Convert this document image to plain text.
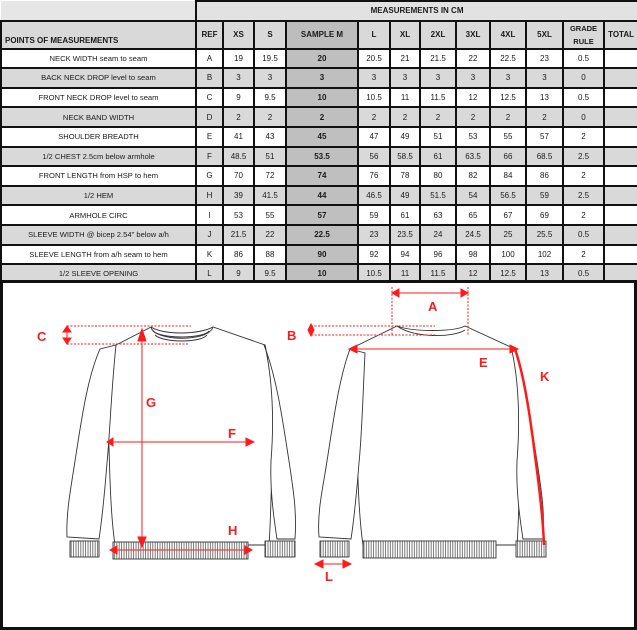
	MEASUREMENTS IN CM											
POINTS OF MEASUREMENTS	REF	XS	S	SAMPLE M	L	XL	2XL	3XL	4XL	5XL	GRADE RULE	TOTAL
NECK WIDTH seam to seam	A	19	19.5	20	20.5	21	21.5	22	22.5	23	0.5	
BACK NECK DROP level to seam	B	3	3	3	3	3	3	3	3	3	0	
FRONT NECK DROP level to seam	C	9	9.5	10	10.5	11	11.5	12	12.5	13	0.5	
NECK BAND WIDTH	D	2	2	2	2	2	2	2	2	2	0	
SHOULDER BREADTH	E	41	43	45	47	49	51	53	55	57	2	
1/2 CHEST 2.5cm below armhole	F	48.5	51	53.5	56	58.5	61	63.5	66	68.5	2.5	
FRONT LENGTH from HSP to hem	G	70	72	74	76	78	80	82	84	86	2	
1/2 HEM	H	39	41.5	44	46.5	49	51.5	54	56.5	59	2.5	
ARMHOLE CIRC	I	53	55	57	59	61	63	65	67	69	2	
SLEEVE WIDTH @ bicep 2.54" below a/h	J	21.5	22	22.5	23	23.5	24	24.5	25	25.5	0.5	
SLEEVE LENGTH from a/h seam to hem	K	86	88	90	92	94	96	98	100	102	2	
1/2 SLEEVE OPENING	L	9	9.5	10	10.5	11	11.5	12	12.5	13	0.5	
C
G
F
H
A
B
E
K
L
